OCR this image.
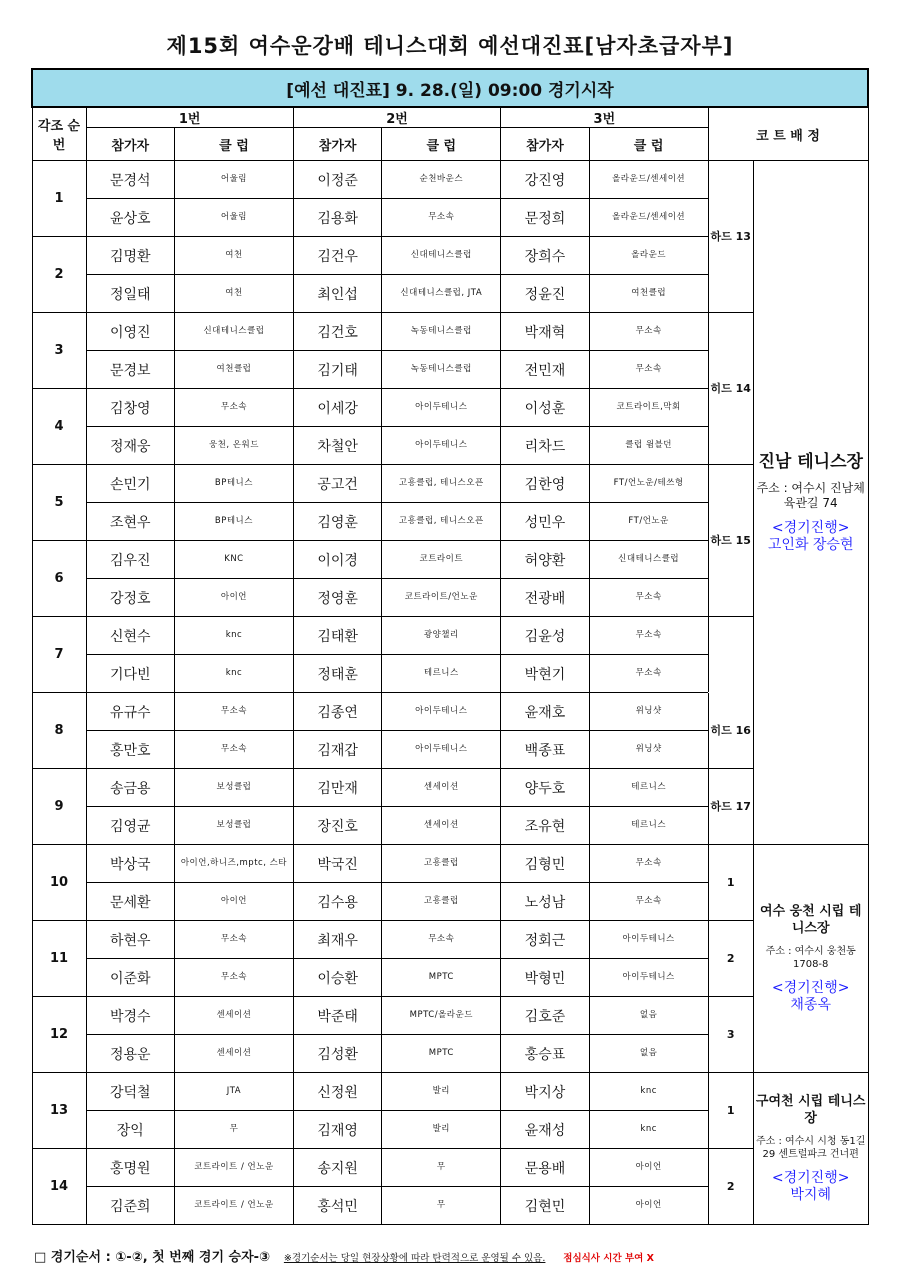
제15회 여수운강배 테니스대회 예선대진표[남자초급자부]
[예선 대진표] 9. 28.(일) 09:00 경기시작								
각조 순번	1번		2번		3번		코 트 배 정	
	참가자	클 럽	참가자	클 럽	참가자	클 럽		
1	문경석	어울림	이정준	순천바운스	강진영	올라운드/센세이션	하드 13	진남 테니스장
주소 : 여수시 진남체육관길 74
<경기진행>
고인화 장승현

	윤상호	어울림	김용화	무소속	문정희	올라운드/센세이션		
2	김명환	여천	김건우	신대테니스클럽	장희수	올라운드		
	정일태	여천	최인섭	신대테니스클럽, JTA	정윤진	여천클럽		
3	이영진	신대테니스클럽	김건호	녹동테니스클럽	박재혁	무소속	히드 14	
	문경보	여천클럽	김기태	녹동테니스클럽	전민재	무소속		
4	김창영	무소속	이세강	아이두테니스	이성훈	코트라이트,막회		
	정재웅	웅천, 온워드	차철안	아이두테니스	리차드	클럽 윔블던		
5	손민기	BP테니스	공고건	고흥클럽, 테니스오픈	김한영	FT/언노운/테쓰형	하드 15	
	조현우	BP테니스	김영훈	고흥클럽, 테니스오픈	성민우	FT/언노운		
6	김우진	KNC	이이경	코트라이트	허양환	신대테니스클럽		
	강정호	아이언	정영훈	코트라이트/언노운	전광배	무소속		
7	신현수	knc	김태환	광양챌리	김윤성	무소속		
	기다빈	knc	정태훈	테르니스	박현기	무소속		
8	유규수	무소속	김종연	아이두테니스	윤재호	위닝샷	히드 16	
	홍만호	무소속	김재갑	아이두테니스	백종표	위닝샷		
9	송금용	보성클럽	김만재	센세이션	양두호	테르니스	하드 17	
	김영균	보성클럽	장진호	센세이션	조유현	테르니스		
10	박상국	아이언,하니즈,mptc, 스타	박국진	고흥클럽	김형민	무소속	1	여수 웅천 시립 테니스장
주소 : 여수시 웅천동1708-8
<경기진행>
채종옥

	문세환	아이언	김수용	고흥클럽	노성남	무소속		
11	하현우	무소속	최재우	무소속	정회근	아이두테니스	2	
	이준화	무소속	이승환	MPTC	박형민	아이두테니스		
12	박경수	센세이션	박준태	MPTC/올라운드	김호준	없음	3	
	정용운	센세이션	김성환	MPTC	홍승표	없음		
13	강덕철	JTA	신정원	발리	박지상	knc	1	구여천 시립 테니스장
주소 : 여수시 시청 동1길 29 센트럴파크 건너편
<경기진행>
박지혜

	장익	무	김재영	발리	윤재성	knc		
14	홍명원	코트라이트 / 언노운	송지원	무	문용배	아이언	2	
	김준희	코트라이트 / 언노운	홍석민	무	김현민	아이언		
□ 경기순서 : ①-②, 첫 번째 경기 승자-③ ※경기순서는 당일 현장상황에 따라 탄력적으로 운영될 수 있음. 점심식사 시간 부여 X
